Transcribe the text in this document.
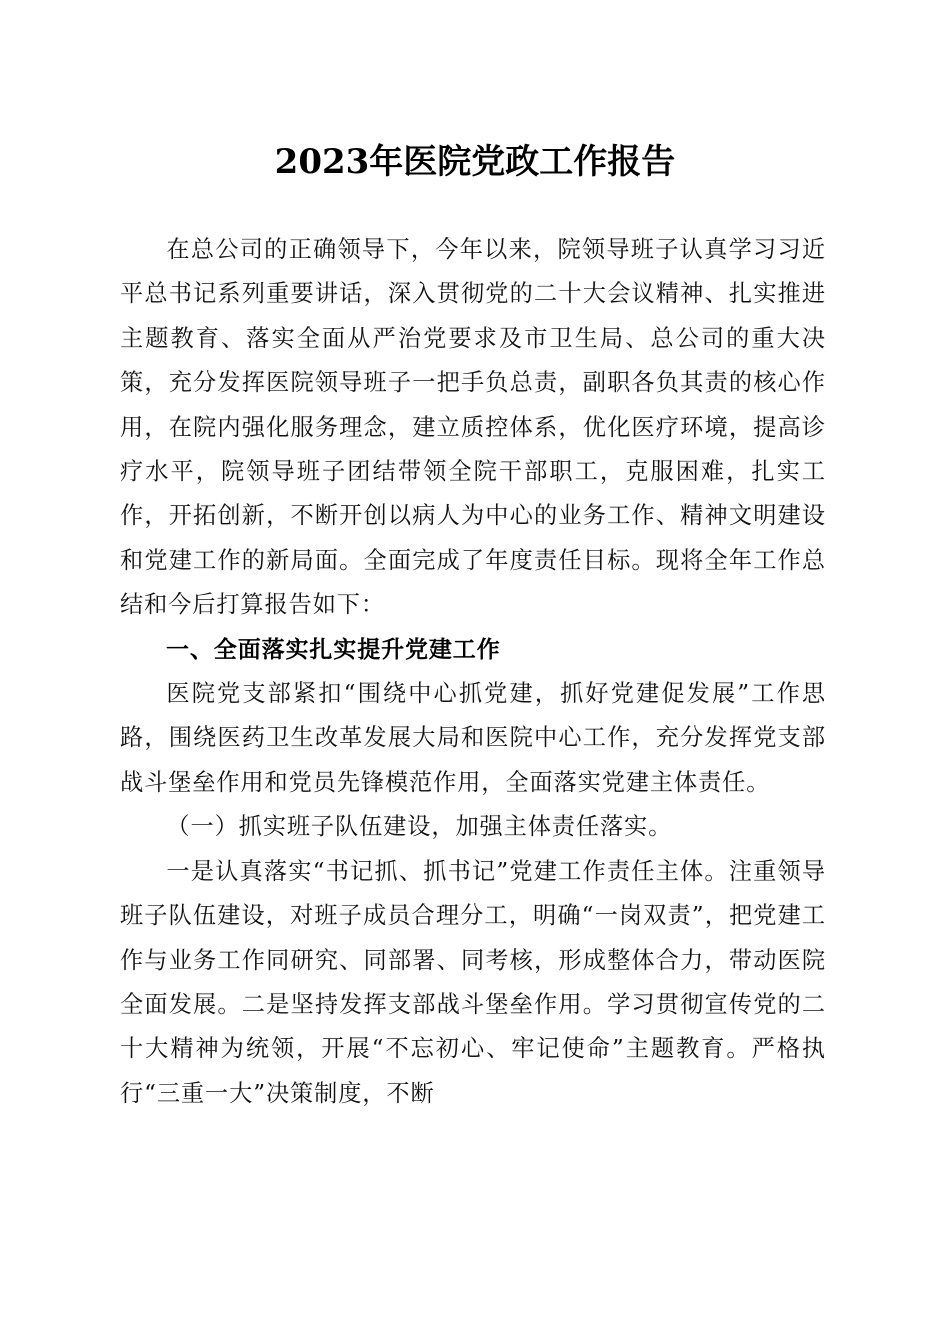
2023年医院党政工作报告

在总公司的正确领导下，今年以来，院领导班子认真学习习近平总书记系列重要讲话，深入贯彻党的二十大会议精神、扎实推进主题教育、落实全面从严治党要求及市卫生局、总公司的重大决策，充分发挥医院领导班子一把手负总责，副职各负其责的核心作用，在院内强化服务理念，建立质控体系，优化医疗环境，提高诊疗水平，院领导班子团结带领全院干部职工，克服困难，扎实工作，开拓创新，不断开创以病人为中心的业务工作、精神文明建设和党建工作的新局面。全面完成了年度责任目标。现将全年工作总结和今后打算报告如下：

一、全面落实扎实提升党建工作

医院党支部紧扣“围绕中心抓党建，抓好党建促发展”工作思路，围绕医药卫生改革发展大局和医院中心工作，充分发挥党支部战斗堡垒作用和党员先锋模范作用，全面落实党建主体责任。

（一）抓实班子队伍建设，加强主体责任落实。

一是认真落实“书记抓、抓书记”党建工作责任主体。注重领导班子队伍建设，对班子成员合理分工，明确“一岗双责”，把党建工作与业务工作同研究、同部署、同考核，形成整体合力，带动医院全面发展。二是坚持发挥支部战斗堡垒作用。学习贯彻宣传党的二十大精神为统领，开展“不忘初心、牢记使命”主题教育。严格执行“三重一大”决策制度，不断
